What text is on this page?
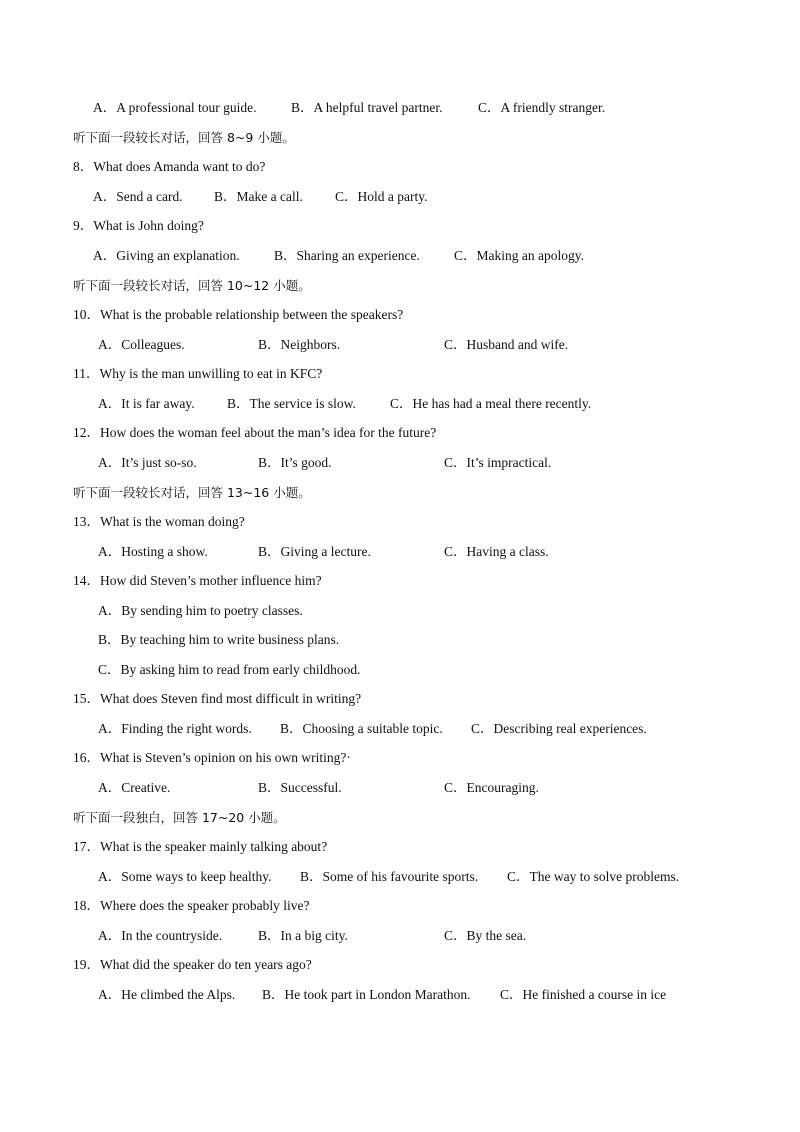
A．A professional tour guide.	B．A helpful travel partner.	C．A friendly stranger.
听下面一段较长对话，回答 8~9 小题。
8．What does Amanda want to do?
A．Send a card. B．Make a call. C．Hold a party.
9．What is John doing?
A．Giving an explanation.	B．Sharing an experience.	C．Making an apology.
听下面一段较长对话，回答 10~12 小题。
10．What is the probable relationship between the speakers?
A．Colleagues.	B．Neighbors.	C．Husband and wife.
11．Why is the man unwilling to eat in KFC?
A．It is far away. B．The service is slow.	C．He has had a meal there recently.
12．How does the woman feel about the man’s idea for the future?
A．It’s just so-so.	B．It’s good.	C．It’s impractical.
听下面一段较长对话，回答 13~16 小题。
13．What is the woman doing?
A．Hosting a show.	B．Giving a lecture.	C．Having a class.
14．How did Steven’s mother influence him?
A．By sending him to poetry classes.
B．By teaching him to write business plans.
C．By asking him to read from early childhood.
15．What does Steven find most difficult in writing?
A．Finding the right words. B．Choosing a suitable topic. C．Describing real experiences.
16．What is Steven’s opinion on his own writing?·
A．Creative.	B．Successful.	C．Encouraging.
听下面一段独白，回答 17~20 小题。
17．What is the speaker mainly talking about?
A．Some ways to keep healthy. B．Some of his favourite sports. C．The way to solve problems.
18．Where does the speaker probably live?
A．In the countryside.	B．In a big city.	C．By the sea.
19．What did the speaker do ten years ago?
A．He climbed the Alps. B．He took part in London Marathon. C．He finished a course in ice
